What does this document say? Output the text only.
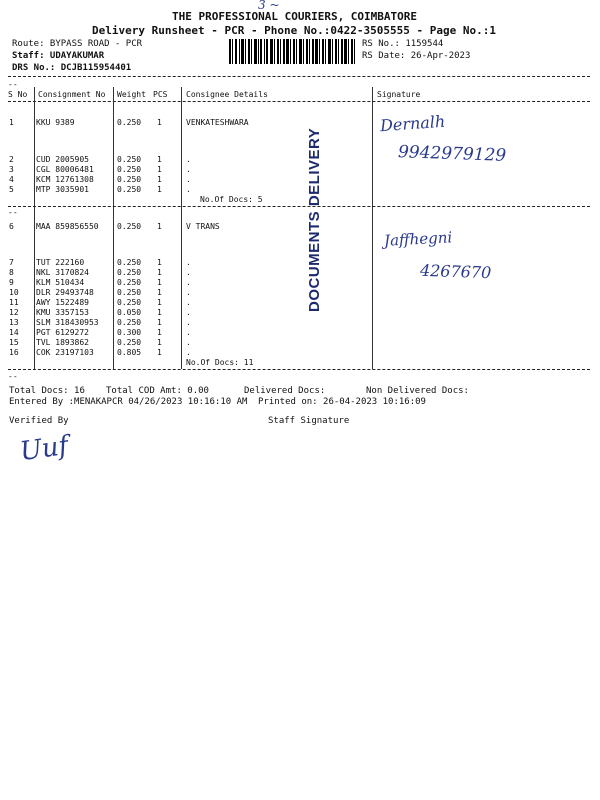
3 ~
THE PROFESSIONAL COURIERS, COIMBATORE
Delivery Runsheet - PCR - Phone No.:0422-3505555 - Page No.:1
Route: BYPASS ROAD - PCR
Staff: UDAYAKUMAR
DRS No.: DCJB115954401
RS No.: 1159544
RS Date: 26-Apr-2023
--
S No Consignment No Weight PCS Consignee Details	Signature
1	KKU 9389	0.250 1	VENKATESHWARA
2	CUD 2005905	0.250 1	.
3	CGL 80006481	0.250 1	.
4	KCM 12761308	0.250 1	.
5	MTP 3035901	0.250 1	.
No.Of Docs: 5
Dernalh
9942979129
--
6	MAA 859856550 0.250 1	V TRANS
7	TUT 222160	0.250 1	.
8	NKL 3170824	0.250 1	.
9	KLM 510434	0.250 1	.
10 DLR 29493748	0.250 1	.
11 AWY 1522489	0.250 1	.
12 KMU 3357153	0.050 1	.
13 SLM 318430953 0.250 1	.
14 PGT 6129272	0.300 1	.
15 TVL 1893862	0.250 1	.
16 COK 23197103	0.805 1	.
No.Of Docs: 11
Jaffhegni
4267670
DOCUMENTS DELIVERY
--
Total Docs: 16 Total COD Amt: 0.00	Delivered Docs:	Non Delivered Docs:
Entered By :MENAKAPCR 04/26/2023 10:16:10 AM Printed on: 26-04-2023 10:16:09
Verified By	Staff Signature
Uuf
